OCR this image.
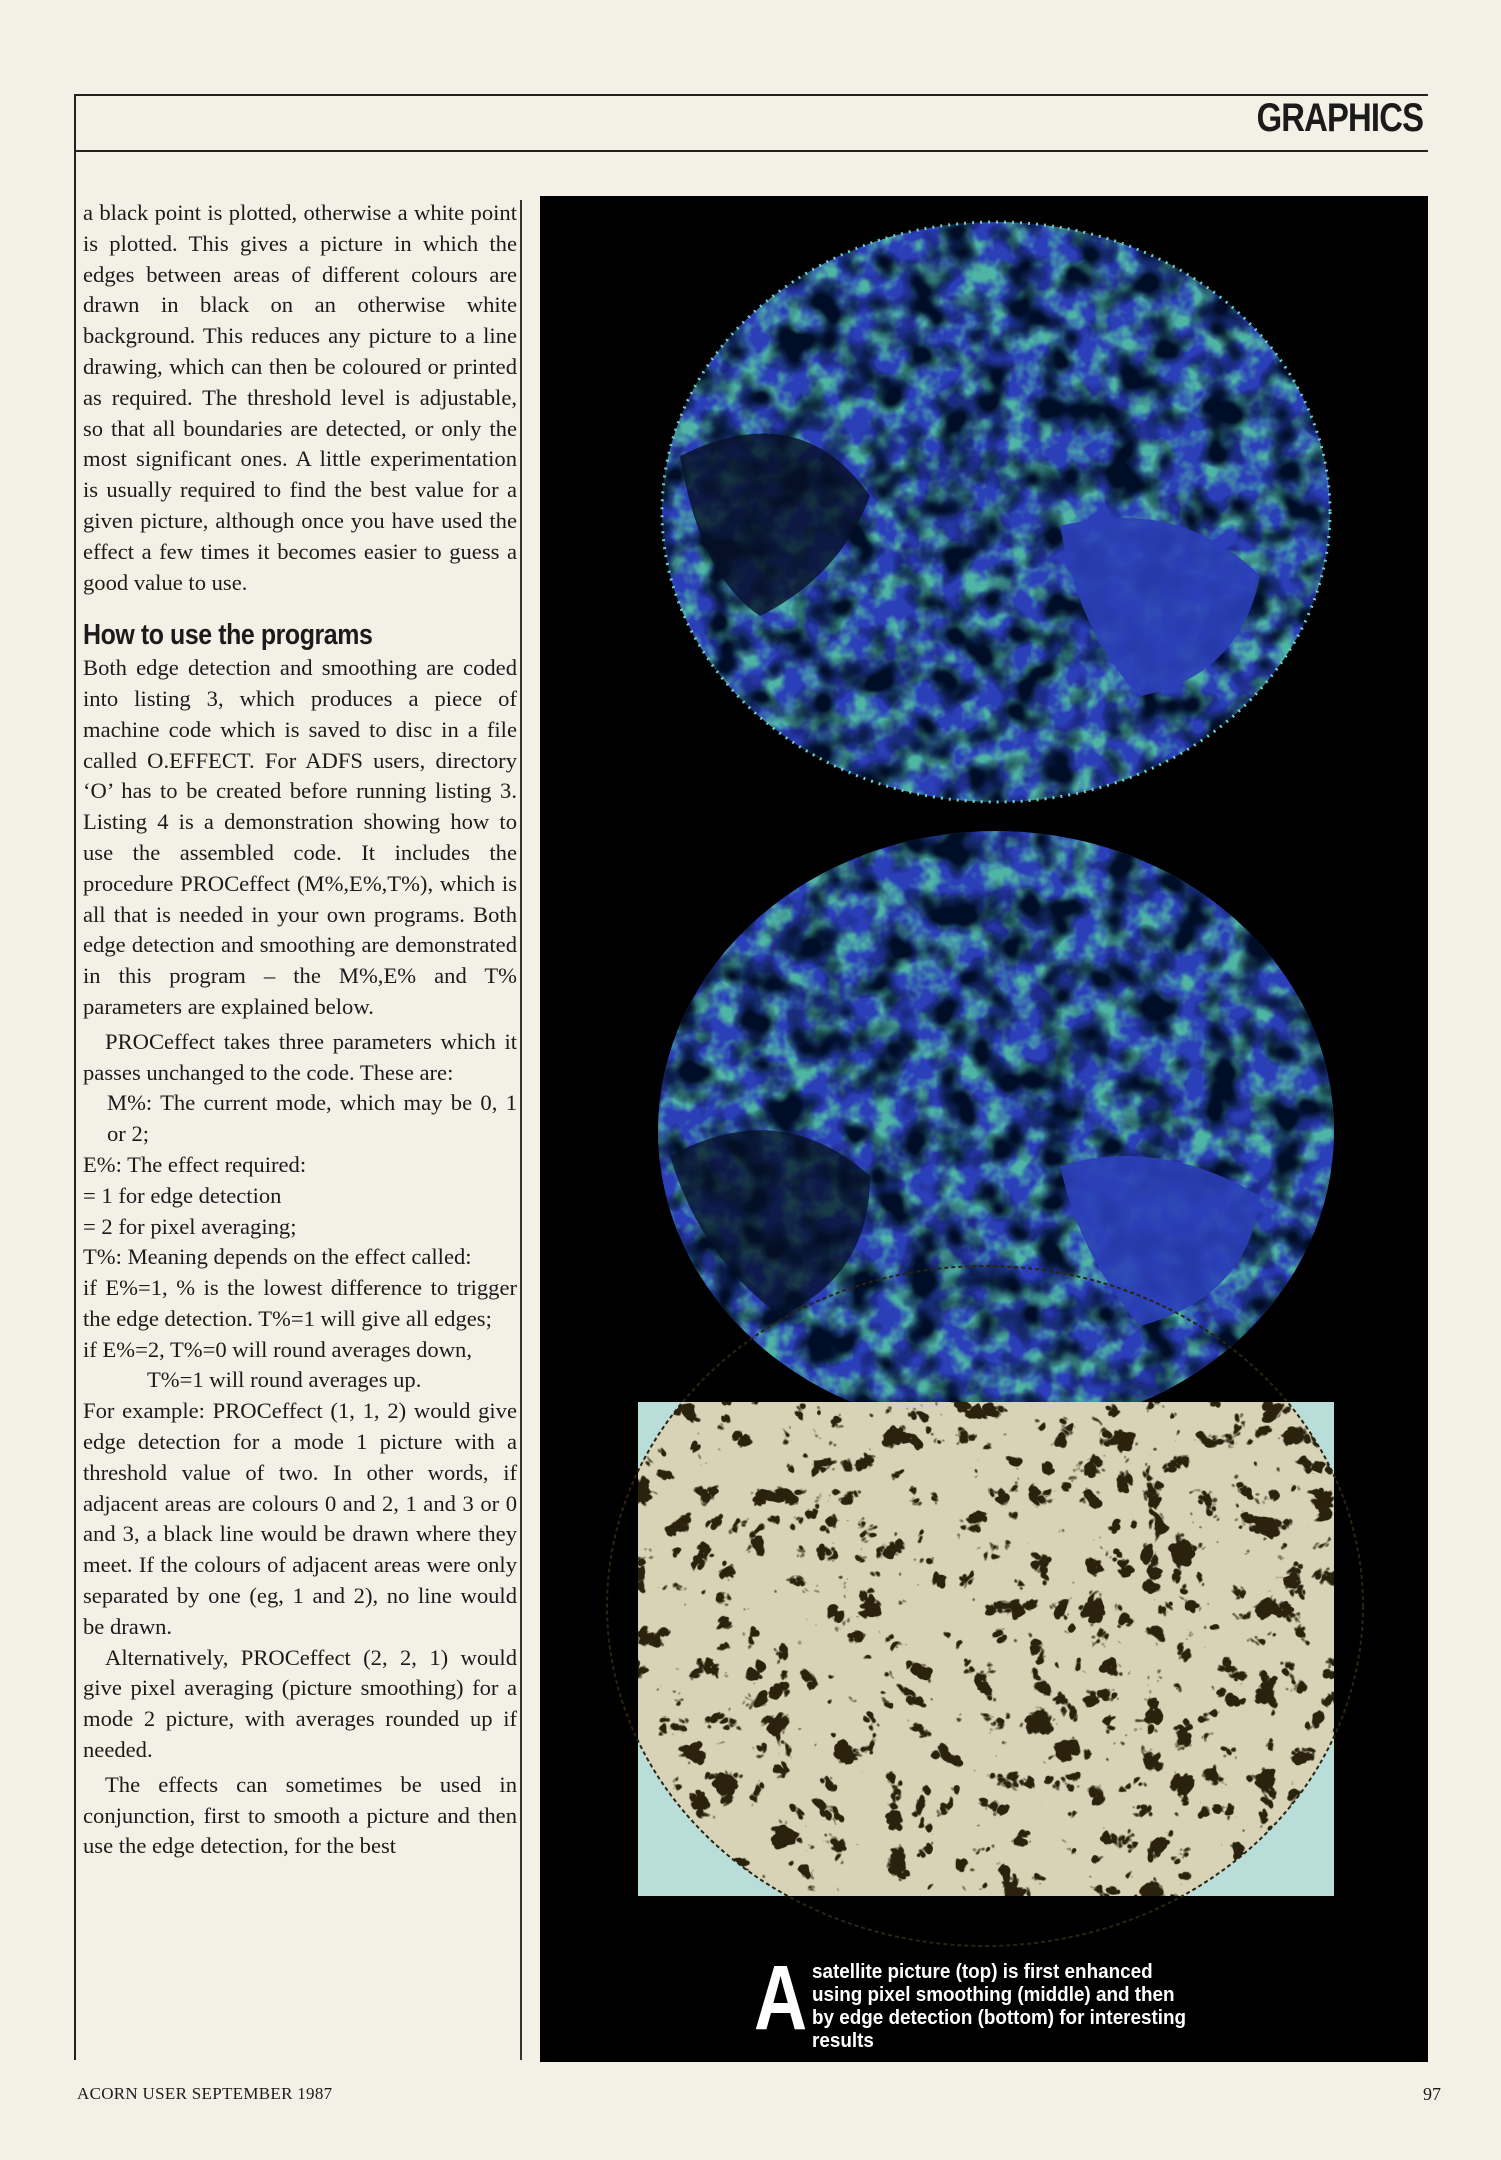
GRAPHICS

a black point is plotted, otherwise a white point is plotted. This gives a picture in which the edges between areas of different colours are drawn in black on an otherwise white background. This reduces any picture to a line drawing, which can then be coloured or printed as required. The threshold level is adjustable, so that all boundaries are detected, or only the most significant ones. A little experimentation is usually required to find the best value for a given picture, although once you have used the effect a few times it becomes easier to guess a good value to use.

How to use the programs

Both edge detection and smoothing are coded into listing 3, which produces a piece of machine code which is saved to disc in a file called O.EFFECT. For ADFS users, directory ‘O’ has to be created before running listing 3. Listing 4 is a demonstration showing how to use the assembled code. It includes the procedure PROCeffect (M%,E%,T%), which is all that is needed in your own programs. Both edge detection and smoothing are demonstrated in this program – the M%,E% and T% parameters are explained below.

PROCeffect takes three parameters which it passes unchanged to the code. These are:

M%: The current mode, which may be 0, 1 or 2;

E%: The effect required:

= 1 for edge detection

= 2 for pixel averaging;

T%: Meaning depends on the effect called:

if E%=1, % is the lowest difference to trigger the edge detection. T%=1 will give all edges;

if E%=2, T%=0 will round averages down,

T%=1 will round averages up.

For example: PROCeffect (1, 1, 2) would give edge detection for a mode 1 picture with a threshold value of two. In other words, if adjacent areas are colours 0 and 2, 1 and 3 or 0 and 3, a black line would be drawn where they meet. If the colours of adjacent areas were only separated by one (eg, 1 and 2), no line would be drawn.

Alternatively, PROCeffect (2, 2, 1) would give pixel averaging (picture smoothing) for a mode 2 picture, with averages rounded up if needed.

The effects can sometimes be used in conjunction, first to smooth a picture and then use the edge detection, for the best

A satellite picture (top) is first enhanced using pixel smoothing (middle) and then by edge detection (bottom) for interesting results
ACORN USER SEPTEMBER 1987	97
